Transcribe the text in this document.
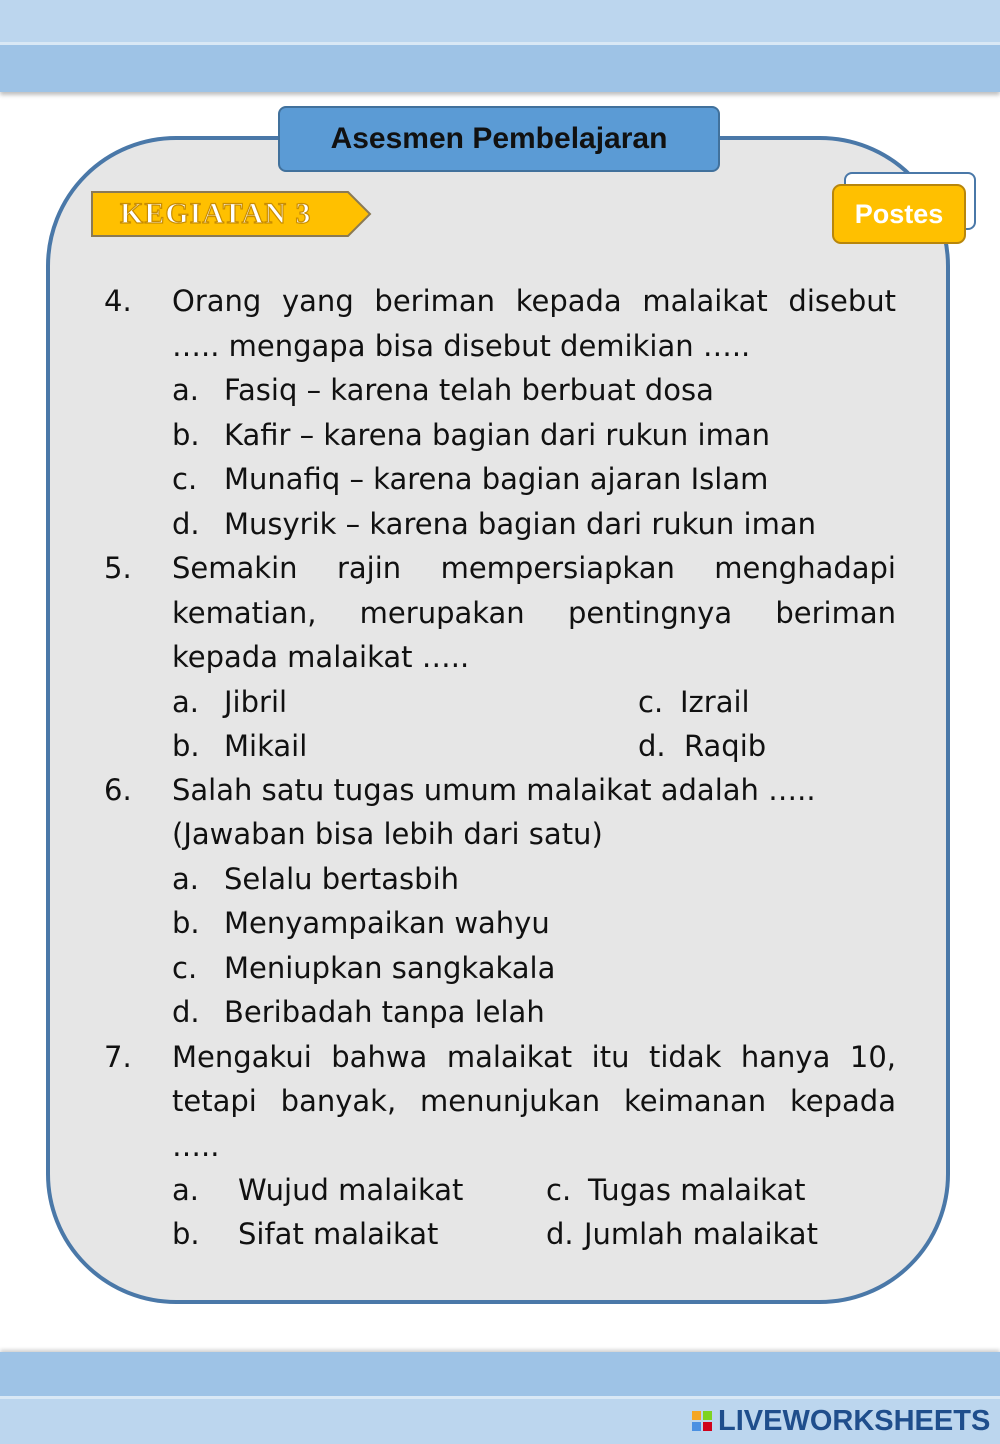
Asesmen Pembelajaran
KEGIATAN 3	Postes
4. Orang yang beriman kepada malaikat disebut
….. mengapa bisa disebut demikian …..
a. Fasiq – karena telah berbuat dosa
b. Kafir – karena bagian dari rukun iman
c. Munafiq – karena bagian ajaran Islam
d. Musyrik – karena bagian dari rukun iman
5. Semakin rajin mempersiapkan menghadapi
kematian, merupakan pentingnya beriman
kepada malaikat …..
a. Jibril	c. Izrail
b. Mikail	d. Raqib
6. Salah satu tugas umum malaikat adalah …..
(Jawaban bisa lebih dari satu)
a. Selalu bertasbih
b. Menyampaikan wahyu
c. Meniupkan sangkakala
d. Beribadah tanpa lelah
7. Mengakui bahwa malaikat itu tidak hanya 10,
tetapi banyak, menunjukan keimanan kepada
…..
a. Wujud malaikat	c. Tugas malaikat
b. Sifat malaikat	d. Jumlah malaikat
LIVEWORKSHEETS
